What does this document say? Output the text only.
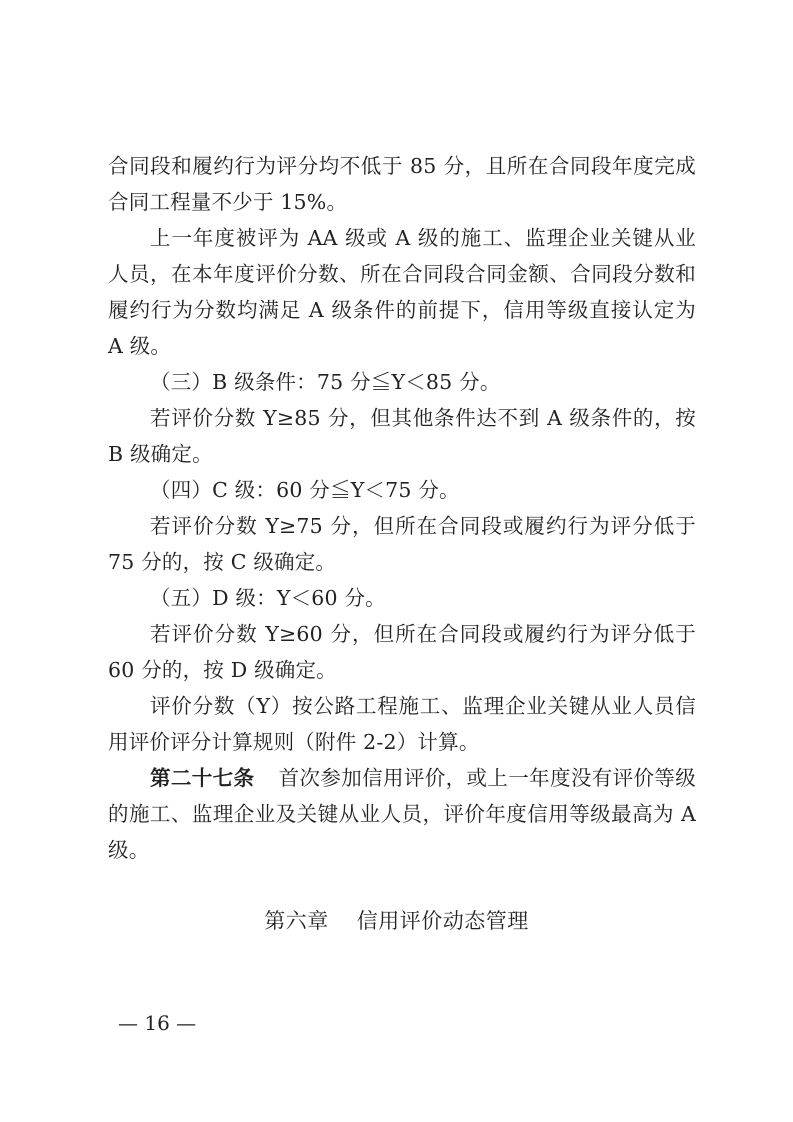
合同段和履约行为评分均不低于 85 分，且所在合同段年度完成合同工程量不少于 15%。

上一年度被评为 AA 级或 A 级的施工、监理企业关键从业人员，在本年度评价分数、所在合同段合同金额、合同段分数和履约行为分数均满足 A 级条件的前提下，信用等级直接认定为 A 级。

（三）B 级条件：75 分≦Y＜85 分。

若评价分数 Y≥85 分，但其他条件达不到 A 级条件的，按 B 级确定。

（四）C 级：60 分≦Y＜75 分。

若评价分数 Y≥75 分，但所在合同段或履约行为评分低于 75 分的，按 C 级确定。

（五）D 级：Y＜60 分。

若评价分数 Y≥60 分，但所在合同段或履约行为评分低于 60 分的，按 D 级确定。

评价分数（Y）按公路工程施工、监理企业关键从业人员信用评价评分计算规则（附件 2-2）计算。

第二十七条 首次参加信用评价，或上一年度没有评价等级的施工、监理企业及关键从业人员，评价年度信用等级最高为 A 级。

第六章 信用评价动态管理
— 16 —
